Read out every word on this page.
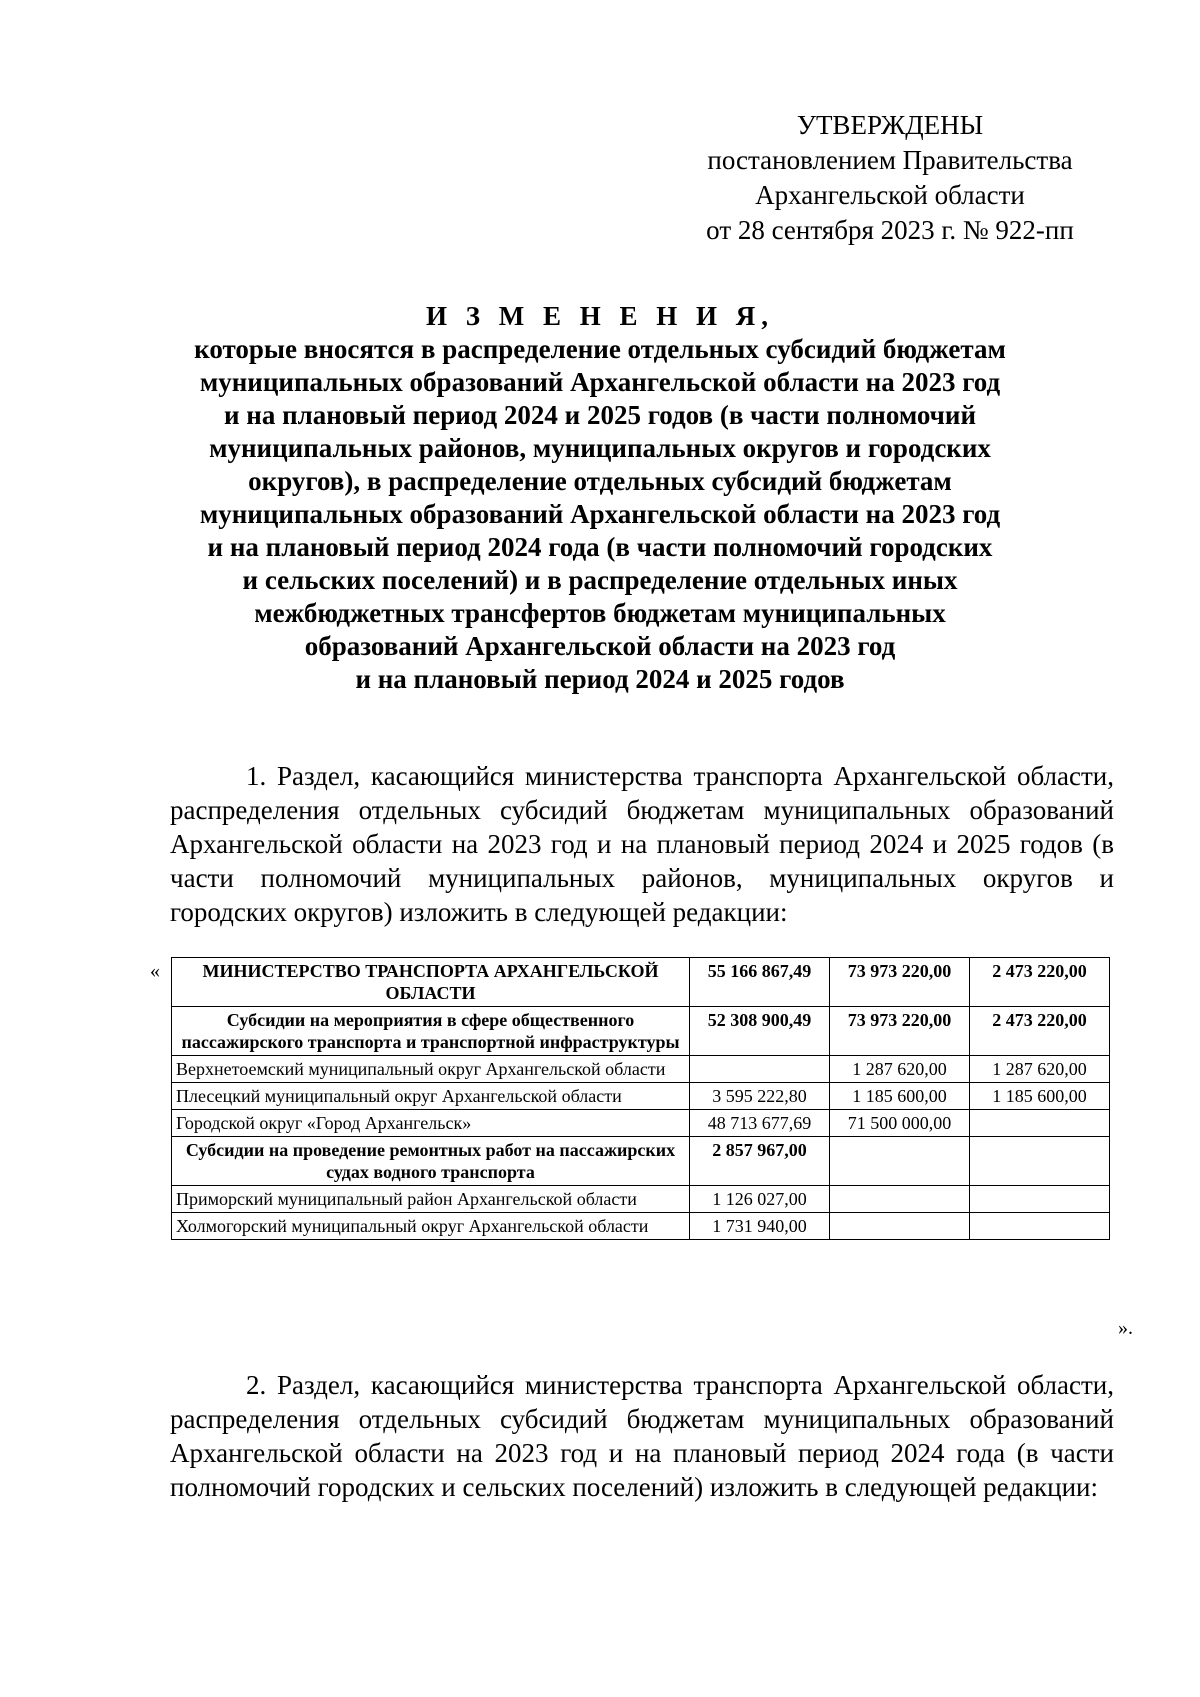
УТВЕРЖДЕНЫ
постановлением Правительства
Архангельской области
от 28 сентября 2023 г. № 922-пп
И З М Е Н Е Н И Я,
которые вносятся в распределение отдельных субсидий бюджетам
муниципальных образований Архангельской области на 2023 год
и на плановый период 2024 и 2025 годов (в части полномочий
муниципальных районов, муниципальных округов и городских
округов), в распределение отдельных субсидий бюджетам
муниципальных образований Архангельской области на 2023 год
и на плановый период 2024 года (в части полномочий городских
и сельских поселений) и в распределение отдельных иных
межбюджетных трансфертов бюджетам муниципальных
образований Архангельской области на 2023 год
и на плановый период 2024 и 2025 годов
1. Раздел, касающийся министерства транспорта Архангельской области, распределения отдельных субсидий бюджетам муниципальных образований Архангельской области на 2023 год и на плановый период 2024 и 2025 годов (в части полномочий муниципальных районов, муниципальных округов и городских округов) изложить в следующей редакции:
« МИНИСТЕРСТВО ТРАНСПОРТА АРХАНГЕЛЬСКОЙ ОБЛАСТИ	55 166 867,49	73 973 220,00	2 473 220,00
Субсидии на мероприятия в сфере общественного пассажирского транспорта и транспортной инфраструктуры	52 308 900,49	73 973 220,00	2 473 220,00
Верхнетоемский муниципальный округ Архангельской области		1 287 620,00	1 287 620,00
Плесецкий муниципальный округ Архангельской области	3 595 222,80	1 185 600,00	1 185 600,00
Городской округ «Город Архангельск»	48 713 677,69	71 500 000,00	
Субсидии на проведение ремонтных работ на пассажирских судах водного транспорта	2 857 967,00		
Приморский муниципальный район Архангельской области	1 126 027,00		
Холмогорский муниципальный округ Архангельской области	1 731 940,00		
».
2. Раздел, касающийся министерства транспорта Архангельской области, распределения отдельных субсидий бюджетам муниципальных образований Архангельской области на 2023 год и на плановый период 2024 года (в части полномочий городских и сельских поселений) изложить в следующей редакции:
